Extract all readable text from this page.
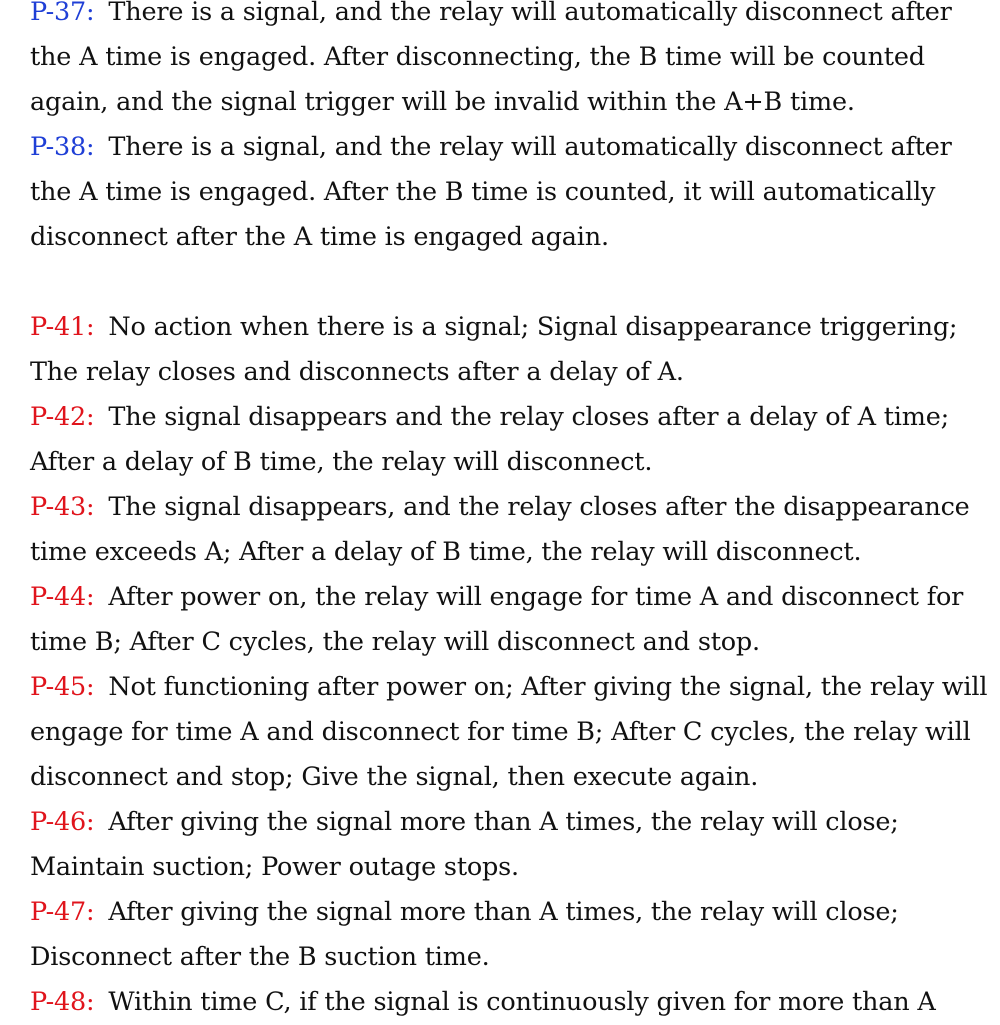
P-37: There is a signal, and the relay will automatically disconnect after the A time is engaged. After disconnecting, the B time will be counted again, and the signal trigger will be invalid within the A+B time.

P-38: There is a signal, and the relay will automatically disconnect after the A time is engaged. After the B time is counted, it will automatically disconnect after the A time is engaged again.

P-41: No action when there is a signal; Signal disappearance triggering; The relay closes and disconnects after a delay of A.

P-42: The signal disappears and the relay closes after a delay of A time; After a delay of B time, the relay will disconnect.

P-43: The signal disappears, and the relay closes after the disappearance time exceeds A; After a delay of B time, the relay will disconnect.

P-44: After power on, the relay will engage for time A and disconnect for time B; After C cycles, the relay will disconnect and stop.

P-45: Not functioning after power on; After giving the signal, the relay will engage for time A and disconnect for time B; After C cycles, the relay will disconnect and stop; Give the signal, then execute again.

P-46: After giving the signal more than A times, the relay will close; Maintain suction; Power outage stops.

P-47: After giving the signal more than A times, the relay will close; Disconnect after the B suction time.

P-48: Within time C, if the signal is continuously given for more than A
